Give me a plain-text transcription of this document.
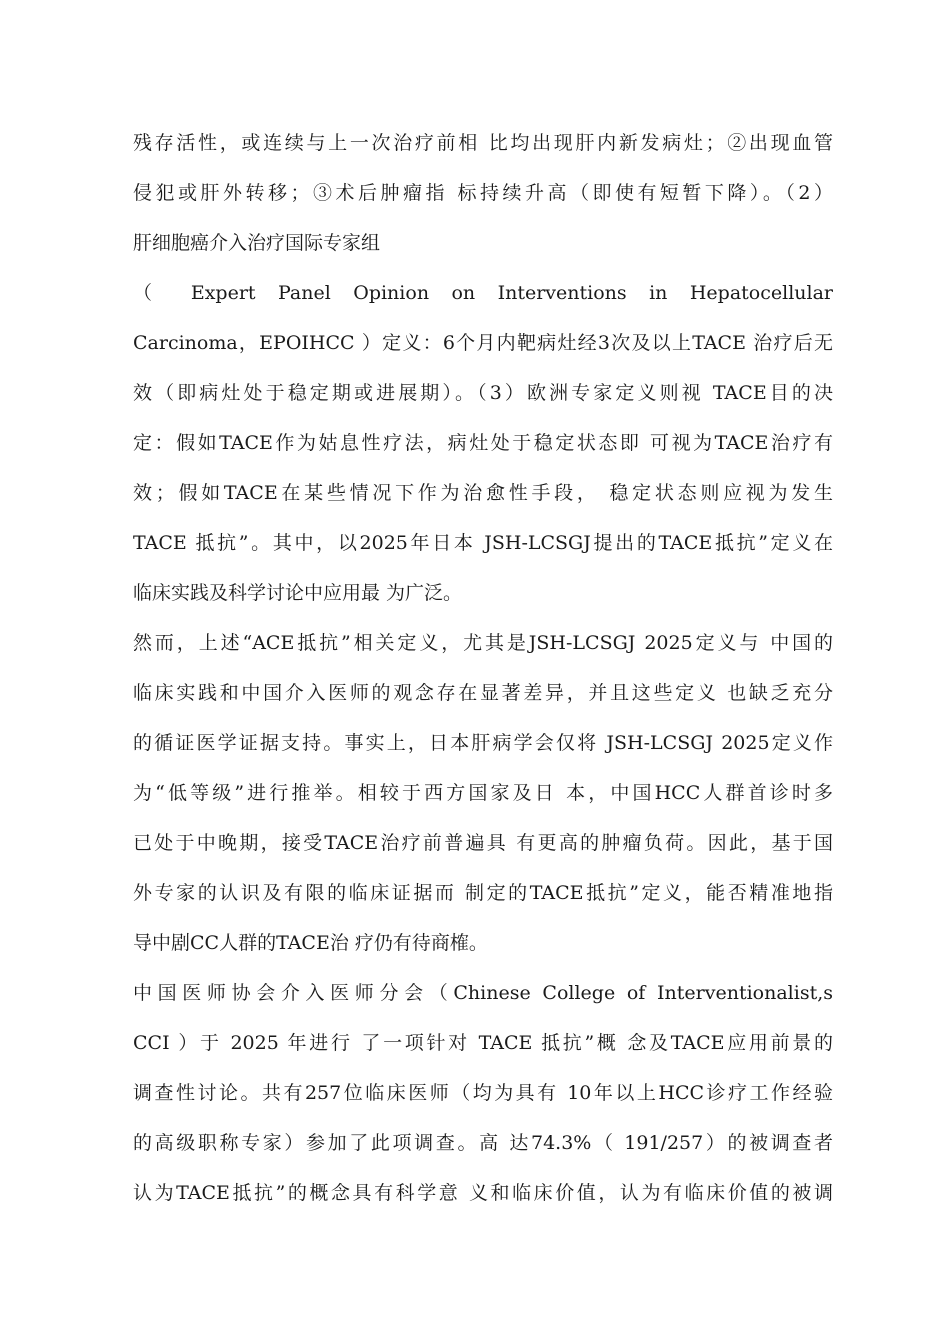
残存活性，或连续与上一次治疗前相 比均出现肝内新发病灶；②出现血管
侵犯或肝外转移；③术后肿瘤指 标持续升高（即使有短暂下降）。（2）
肝细胞癌介入治疗国际专家组
（ Expert Panel Opinion on Interventions in Hepatocellular
Carcinoma，EPOIHCC ）定义：6个月内靶病灶经3次及以上TACE 治疗后无
效（即病灶处于稳定期或进展期）。（3）欧洲专家定义则视 TACE目的决
定：假如TACE作为姑息性疗法，病灶处于稳定状态即 可视为TACE治疗有
效；假如TACE在某些情况下作为治愈性手段， 稳定状态则应视为发生
TACE 抵抗”。其中，以2025年日本 JSH-LCSGJ提出的TACE抵抗”定义在
临床实践及科学讨论中应用最 为广泛。
然而，上述“ACE抵抗”相关定义，尤其是JSH-LCSGJ 2025定义与 中国的
临床实践和中国介入医师的观念存在显著差异，并且这些定义 也缺乏充分
的循证医学证据支持。事实上，日本肝病学会仅将 JSH-LCSGJ 2025定义作
为“低等级”进行推举。相较于西方国家及日 本，中国HCC人群首诊时多
已处于中晚期，接受TACE治疗前普遍具 有更高的肿瘤负荷。因此，基于国
外专家的认识及有限的临床证据而 制定的TACE抵抗”定义，能否精准地指
导中剧CC人群的TACE治 疗仍有待商榷。
中国医师协会介入医师分会（Chinese College of Interventionalist,s
CCI ）于 2025 年进行 了一项针对 TACE 抵抗”概 念及TACE应用前景的
调查性讨论。共有257位临床医师（均为具有 10年以上HCC诊疗工作经验
的高级职称专家）参加了此项调查。高 达74.3%（ 191/257）的被调查者
认为TACE抵抗”的概念具有科学意 义和临床价值，认为有临床价值的被调
